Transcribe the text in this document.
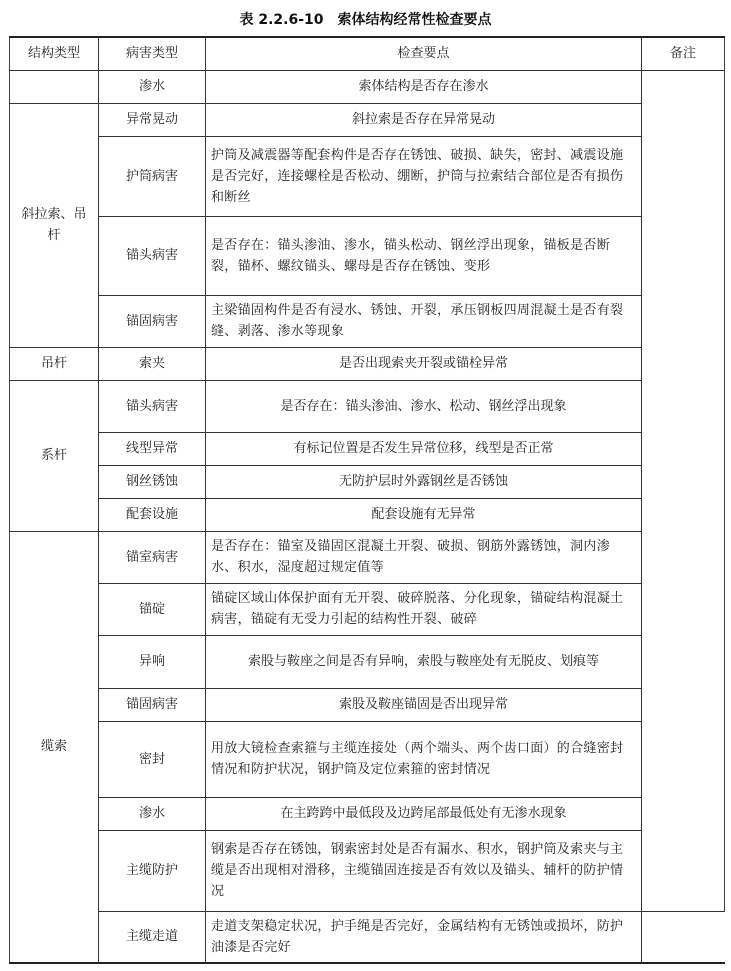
表 2.2.6-10 索体结构经常性检查要点
结构类型	病害类型	检查要点	备注
	渗水	索体结构是否存在渗水	
斜拉索、吊杆	异常晃动	斜拉索是否存在异常晃动	
	护筒病害	护筒及减震器等配套构件是否存在锈蚀、破损、缺失，密封、减震设施是否完好，连接螺栓是否松动、绷断，护筒与拉索结合部位是否有损伤和断丝	
	锚头病害	是否存在：锚头渗油、渗水，锚头松动、钢丝浮出现象，锚板是否断裂，锚杯、螺纹锚头、螺母是否存在锈蚀、变形	
	锚固病害	主梁锚固构件是否有浸水、锈蚀、开裂，承压钢板四周混凝土是否有裂缝、剥落、渗水等现象	
吊杆	索夹	是否出现索夹开裂或锚栓异常	
系杆	锚头病害	是否存在：锚头渗油、渗水、松动、钢丝浮出现象	
	线型异常	有标记位置是否发生异常位移，线型是否正常	
	钢丝锈蚀	无防护层时外露钢丝是否锈蚀	
	配套设施	配套设施有无异常	
缆索	锚室病害	是否存在：锚室及锚固区混凝土开裂、破损、钢筋外露锈蚀，洞内渗水、积水，湿度超过规定值等	
	锚碇	锚碇区域山体保护面有无开裂、破碎脱落、分化现象，锚碇结构混凝土病害，锚碇有无受力引起的结构性开裂、破碎	
	异响	索股与鞍座之间是否有异响，索股与鞍座处有无脱皮、划痕等	
	锚固病害	索股及鞍座锚固是否出现异常	
	密封	用放大镜检查索箍与主缆连接处（两个端头、两个齿口面）的合缝密封情况和防护状况，钢护筒及定位索箍的密封情况	
	渗水	在主跨跨中最低段及边跨尾部最低处有无渗水现象	
	主缆防护	钢索是否存在锈蚀，钢索密封处是否有漏水、积水，钢护筒及索夹与主缆是否出现相对滑移，主缆锚固连接是否有效以及锚头、辅杆的防护情况	
	主缆走道	走道支架稳定状况，护手绳是否完好，金属结构有无锈蚀或损坏，防护油漆是否完好	
